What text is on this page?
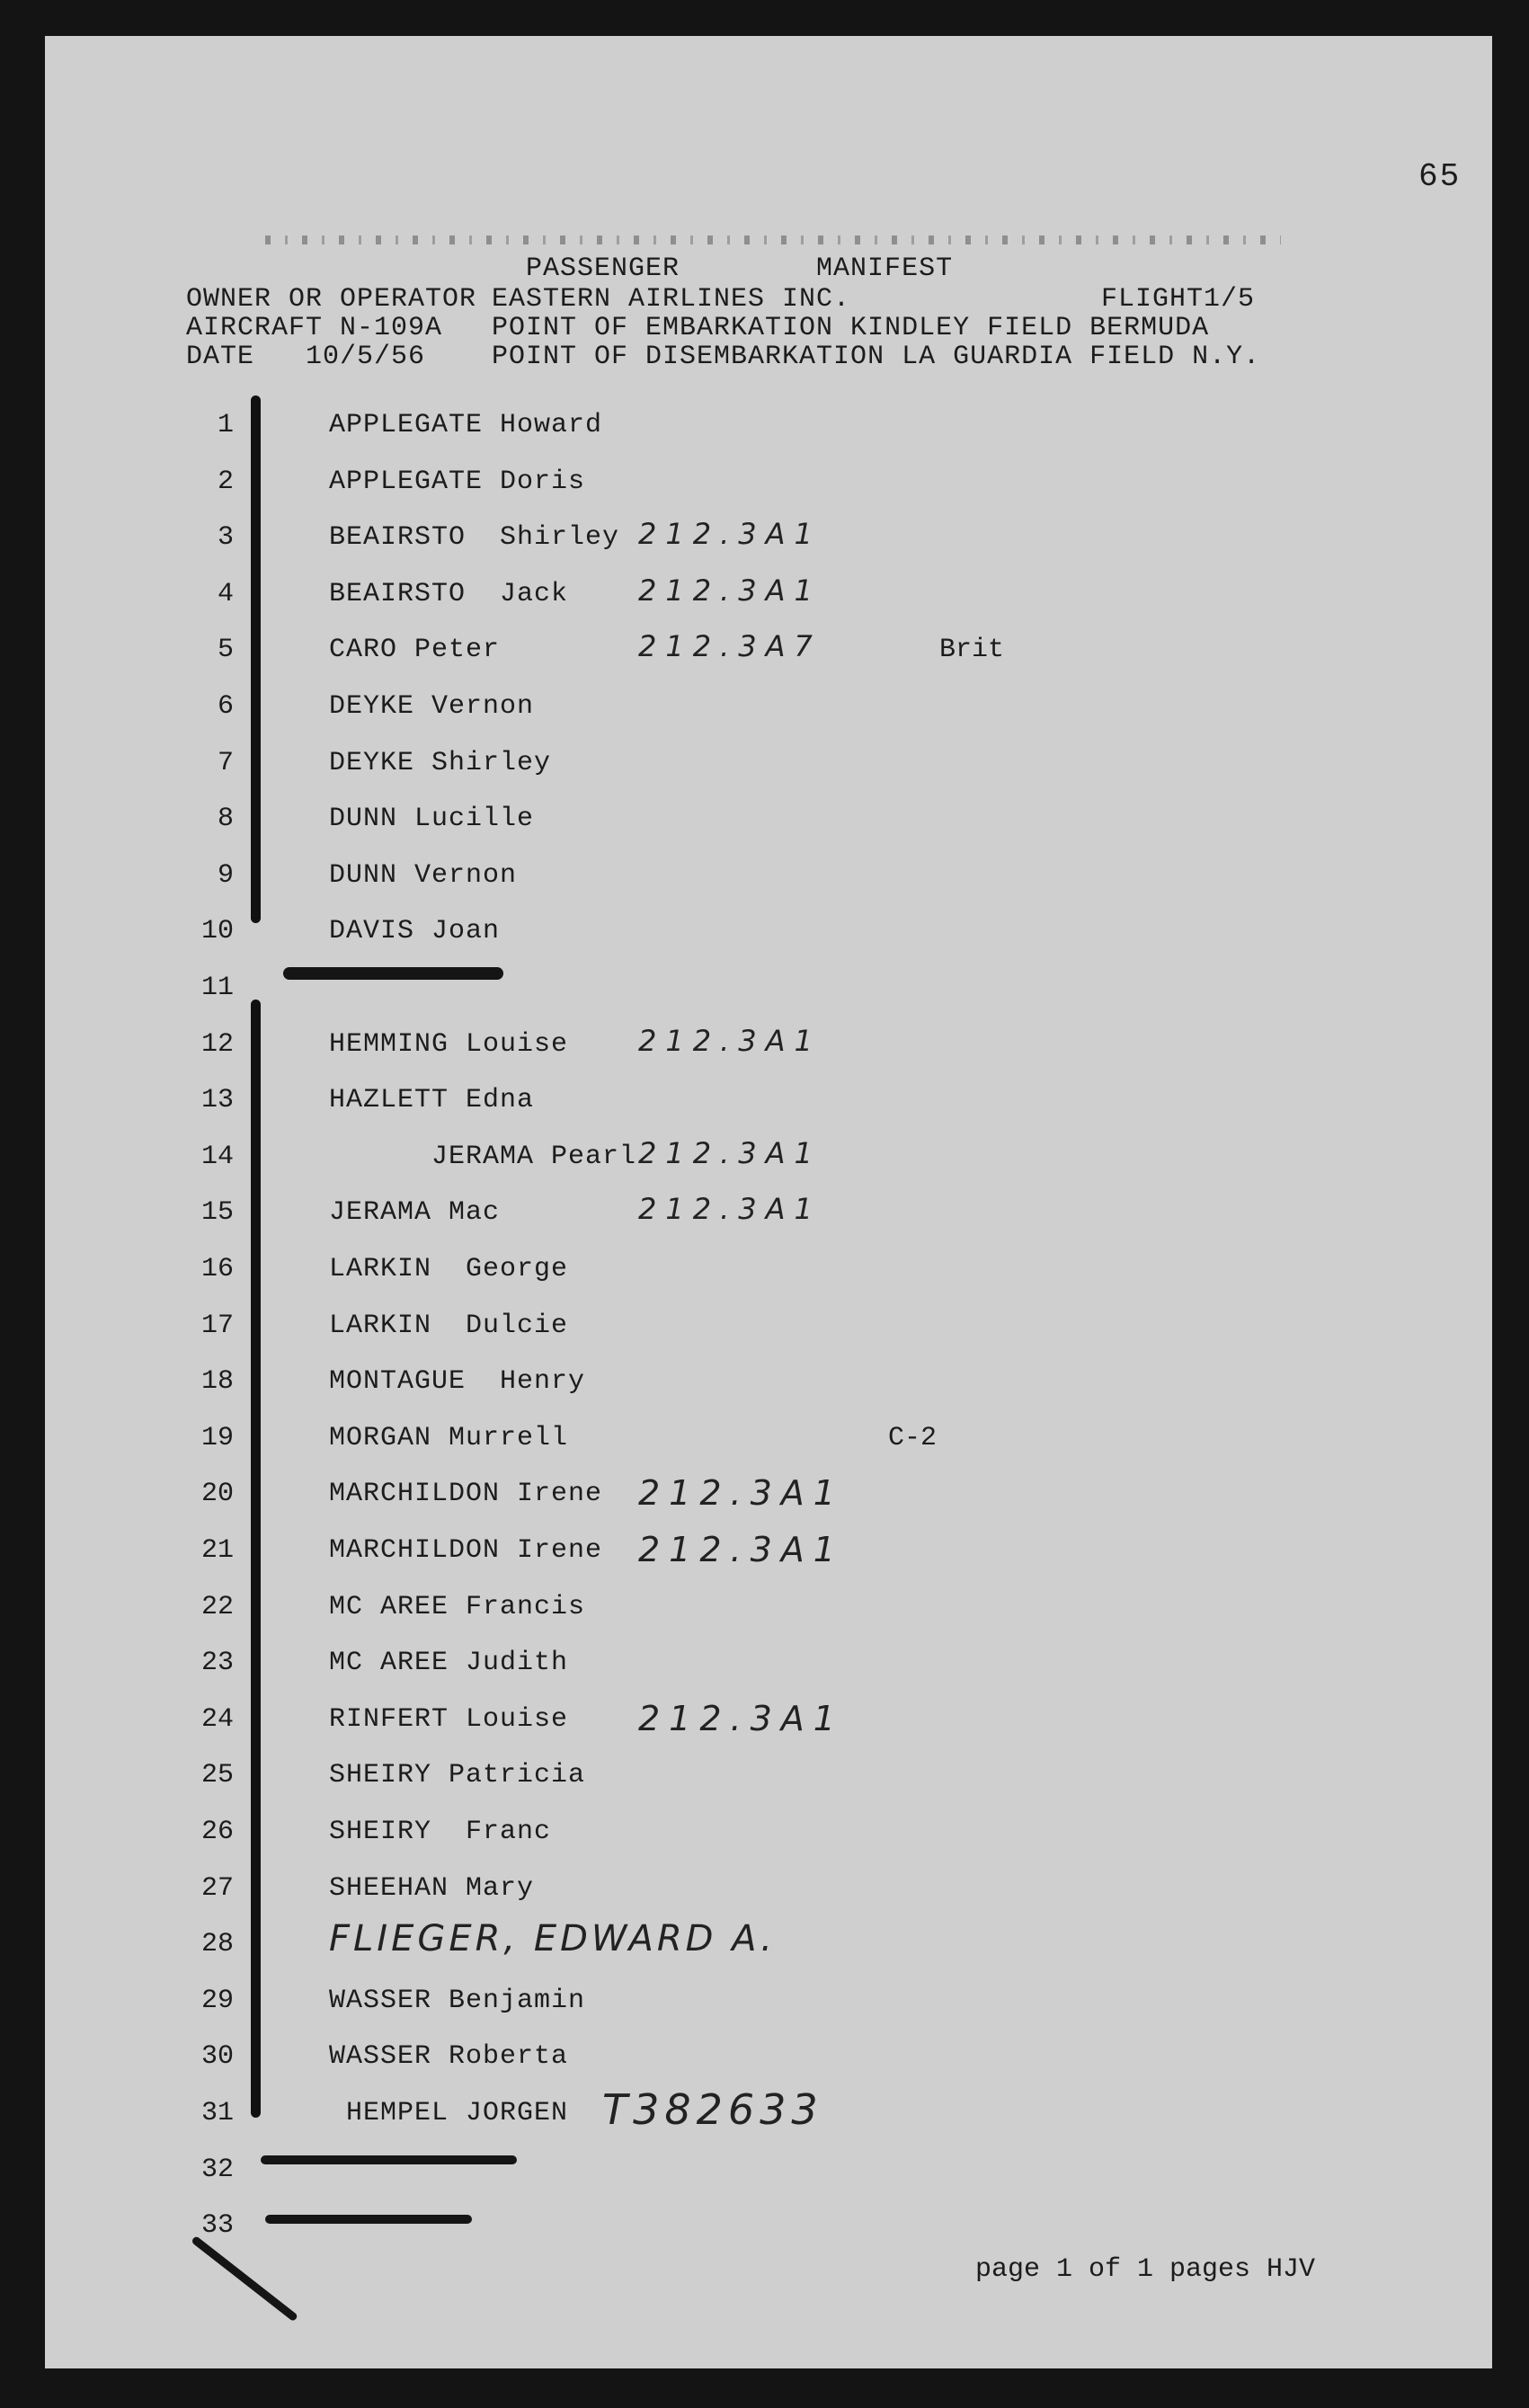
65
PASSENGER        MANIFEST
OWNER OR OPERATOR EASTERN AIRLINES INC.	FLIGHT1/5
AIRCRAFT N-109A POINT OF EMBARKATION KINDLEY FIELD BERMUDA
DATE   10/5/56 POINT OF DISEMBARKATION LA GUARDIA FIELD N.Y.
1	APPLEGATE Howard
2	APPLEGATE Doris
3	BEAIRSTO  Shirley 212.3A1
4	BEAIRSTO  Jack 212.3A1
5	CARO Peter	212.3A7	Brit
6	DEYKE Vernon
7	DEYKE Shirley
8	DUNN Lucille
9	DUNN Vernon
10	DAVIS Joan
11
12	HEMMING Louise 212.3A1
13	HAZLETT Edna
14	JERAMA Pearl 212.3A1
15	JERAMA Mac	212.3A1
16	LARKIN  George
17	LARKIN  Dulcie
18	MONTAGUE  Henry
19	MORGAN Murrell	C-2
20	MARCHILDON Irene 212.3A1
21	MARCHILDON Irene 212.3A1
22	MC AREE Francis
23	MC AREE Judith
24	RINFERT Louise 212.3A1
25	SHEIRY Patricia
26	SHEIRY  Franc
27	SHEEHAN Mary
28	FLIEGER, EDWARD A.
29	WASSER Benjamin
30	WASSER Roberta
31	HEMPEL JORGEN T382633
32
33
page 1 of 1 pages HJV
